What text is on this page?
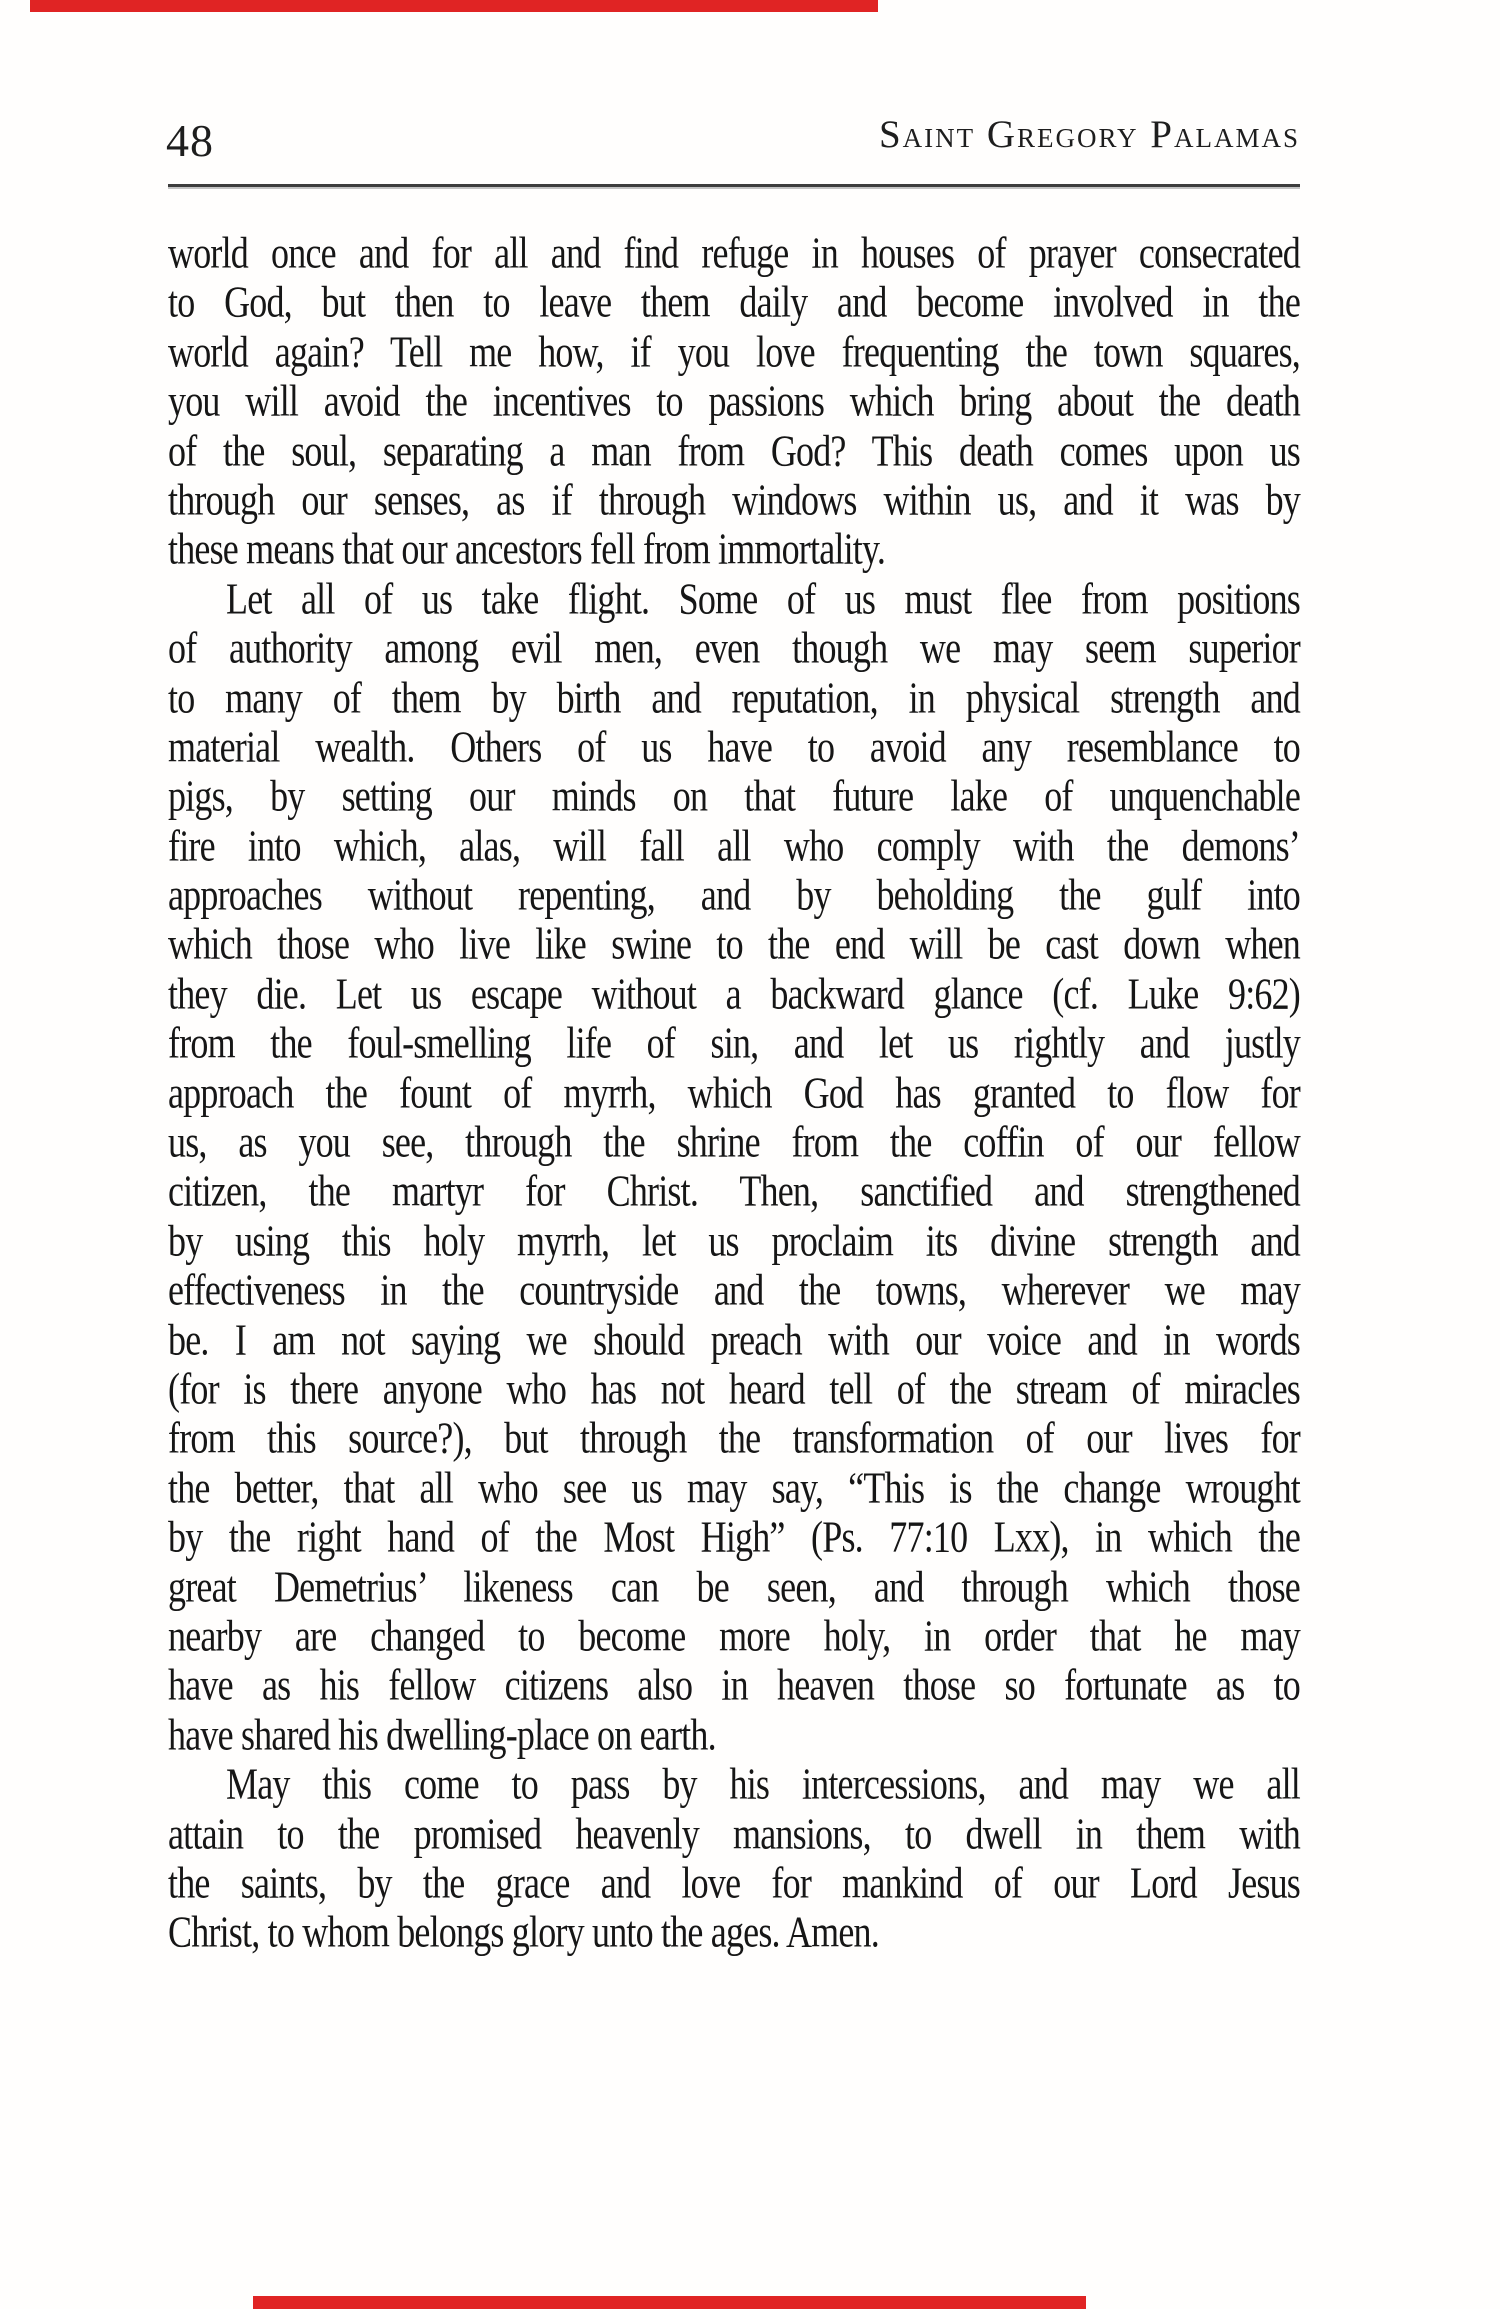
48	Saint Gregory Palamas
world once and for all and find refuge in houses of prayer consecrated
to God, but then to leave them daily and become involved in the
world again? Tell me how, if you love frequenting the town squares,
you will avoid the incentives to passions which bring about the death
of the soul, separating a man from God? This death comes upon us
through our senses, as if through windows within us, and it was by
these means that our ancestors fell from immortality.
Let all of us take flight. Some of us must flee from positions
of authority among evil men, even though we may seem superior
to many of them by birth and reputation, in physical strength and
material wealth. Others of us have to avoid any resemblance to
pigs, by setting our minds on that future lake of unquenchable
fire into which, alas, will fall all who comply with the demons’
approaches without repenting, and by beholding the gulf into
which those who live like swine to the end will be cast down when
they die. Let us escape without a backward glance (cf. Luke 9:62)
from the foul-smelling life of sin, and let us rightly and justly
approach the fount of myrrh, which God has granted to flow for
us, as you see, through the shrine from the coffin of our fellow
citizen, the martyr for Christ. Then, sanctified and strengthened
by using this holy myrrh, let us proclaim its divine strength and
effectiveness in the countryside and the towns, wherever we may
be. I am not saying we should preach with our voice and in words
(for is there anyone who has not heard tell of the stream of miracles
from this source?), but through the transformation of our lives for
the better, that all who see us may say, “This is the change wrought
by the right hand of the Most High” (Ps. 77:10 Lxx), in which the
great Demetrius’ likeness can be seen, and through which those
nearby are changed to become more holy, in order that he may
have as his fellow citizens also in heaven those so fortunate as to
have shared his dwelling-place on earth.
May this come to pass by his intercessions, and may we all
attain to the promised heavenly mansions, to dwell in them with
the saints, by the grace and love for mankind of our Lord Jesus
Christ, to whom belongs glory unto the ages. Amen.
